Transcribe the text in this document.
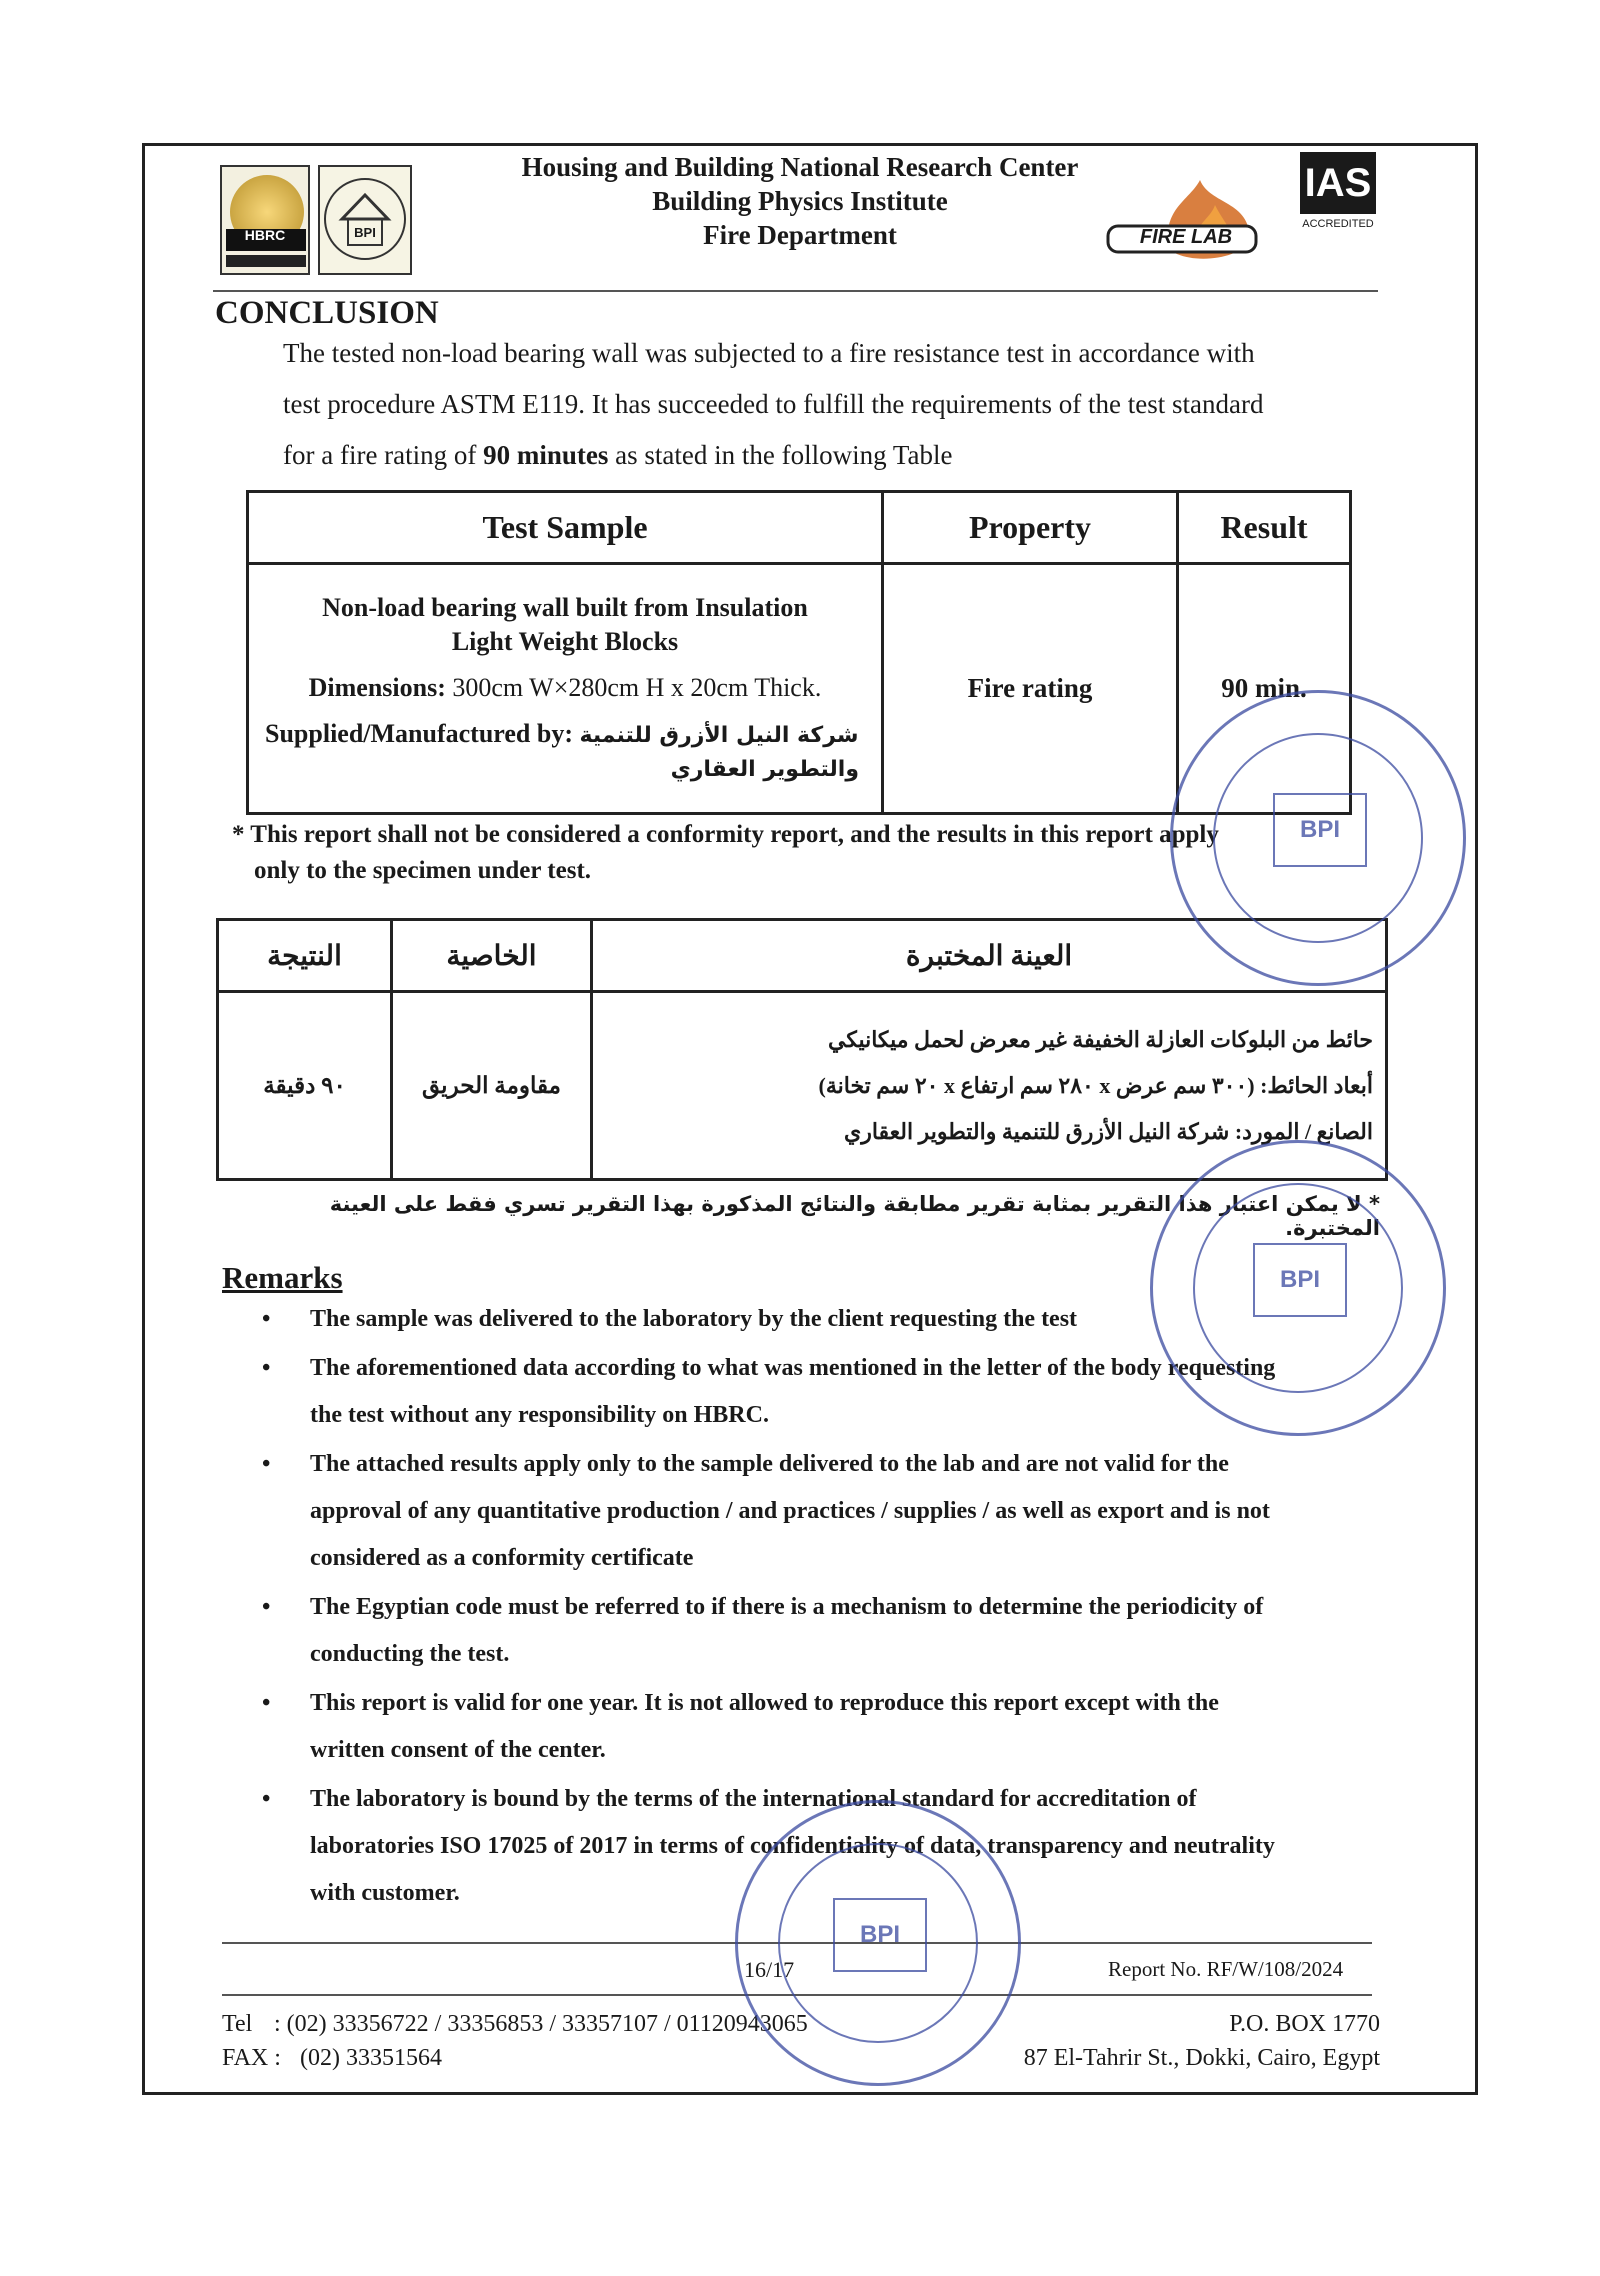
HBRC	BPI
Housing and Building National Research Center
Building Physics Institute
Fire Department	FIRE LAB
IAS
ACCREDITED
CONCLUSION
The tested non-load bearing wall was subjected to a fire resistance test in accordance with
test procedure ASTM E119. It has succeeded to fulfill the requirements of the test standard
for a fire rating of 90 minutes as stated in the following Table
Test Sample	Property	Result

Non-load bearing wall built from Insulation
Light Weight Blocks
Dimensions: 300cm W×280cm H x 20cm Thick.
Supplied/Manufactured by: شركة النيل الأزرق للتنمية
والتطوير العقاري	Fire rating	90 min.
* This report shall not be considered a conformity report, and the results in this report apply
only to the specimen under test.
العينة المختبرة	الخاصية	النتيجة

حائط من البلوكات العازلة الخفيفة غير معرض لحمل ميكانيكي
أبعاد الحائط: (٣٠٠ سم عرض x ٢٨٠ سم ارتفاع x ٢٠ سم تخانة)
الصانع / المورد: شركة النيل الأزرق للتنمية والتطوير العقاري	مقاومة الحريق	٩٠ دقيقة
* لا يمكن اعتبار هذا التقرير بمثابة تقرير مطابقة والنتائج المذكورة بهذا التقرير تسري فقط على العينة المختبرة.
Remarks
• The sample was delivered to the laboratory by the client requesting the test
• The aforementioned data according to what was mentioned in the letter of the body requesting
the test without any responsibility on HBRC.
• The attached results apply only to the sample delivered to the lab and are not valid for the
approval of any quantitative production / and practices / supplies / as well as export and is not
considered as a conformity certificate
• The Egyptian code must be referred to if there is a mechanism to determine the periodicity of
conducting the test.
• This report is valid for one year. It is not allowed to reproduce this report except with the
written consent of the center.
• The laboratory is bound by the terms of the international standard for accreditation of
laboratories ISO 17025 of 2017 in terms of confidentiality of data, transparency and neutrality
with customer.
16/17	Report No. RF/W/108/2024
Tel : (02) 33356722 / 33356853 / 33357107 / 01120943065
FAX : (02) 33351564
P.O. BOX 1770
87 El-Tahrir St., Dokki, Cairo, Egypt
BPI
BPI
BPI
